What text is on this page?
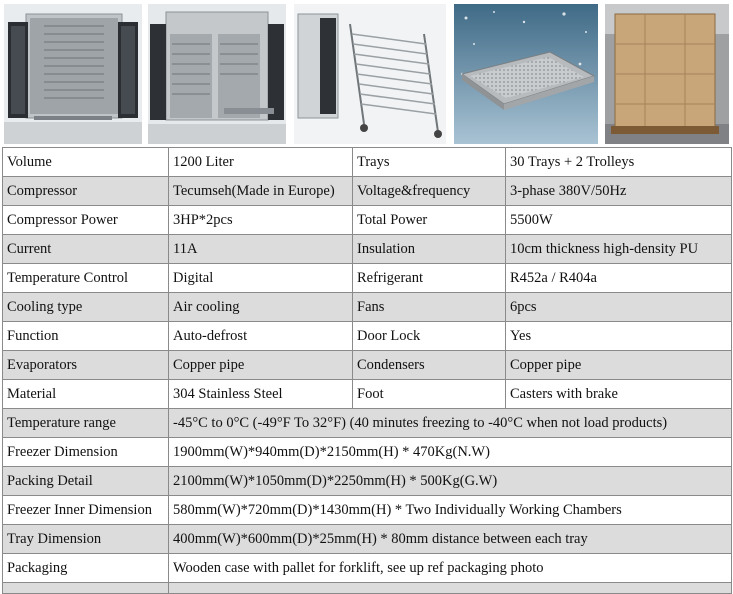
Volume	1200 Liter	Trays	30 Trays + 2 Trolleys
Compressor	Tecumseh(Made in Europe)	Voltage&frequency	3-phase 380V/50Hz
Compressor Power	3HP*2pcs	Total Power	5500W
Current	11A	Insulation	10cm thickness high-density PU
Temperature Control	Digital	Refrigerant	R452a / R404a
Cooling type	Air cooling	Fans	6pcs
Function	Auto-defrost	Door Lock	Yes
Evaporators	Copper pipe	Condensers	Copper pipe
Material	304 Stainless Steel	Foot	Casters with brake
Temperature range	-45°C to 0°C (-49°F To 32°F) (40 minutes freezing to -40°C when not load products)		
Freezer Dimension	1900mm(W)*940mm(D)*2150mm(H) * 470Kg(N.W)		
Packing Detail	2100mm(W)*1050mm(D)*2250mm(H) * 500Kg(G.W)		
Freezer Inner Dimension	580mm(W)*720mm(D)*1430mm(H) * Two Individually Working Chambers		
Tray Dimension	400mm(W)*600mm(D)*25mm(H) * 80mm distance between each tray		
Packaging	Wooden case with pallet for forklift, see up ref packaging photo		
